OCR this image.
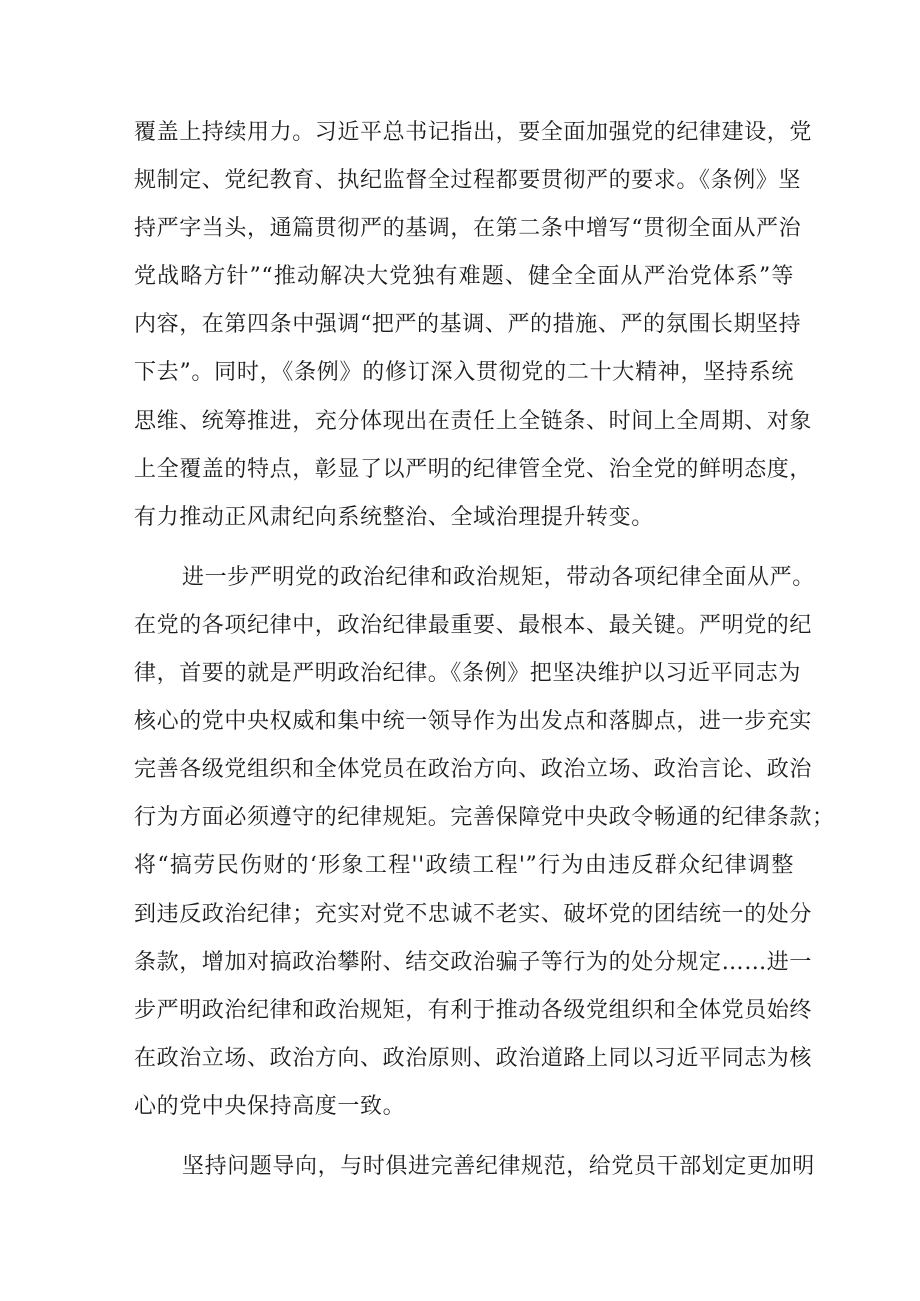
覆盖上持续用力。习近平总书记指出，要全面加强党的纪律建设，党
规制定、党纪教育、执纪监督全过程都要贯彻严的要求。《条例》坚
持严字当头，通篇贯彻严的基调，在第二条中增写“贯彻全面从严治
党战略方针”“推动解决大党独有难题、健全全面从严治党体系”等
内容，在第四条中强调“把严的基调、严的措施、严的氛围长期坚持
下去”。同时，《条例》的修订深入贯彻党的二十大精神，坚持系统
思维、统筹推进，充分体现出在责任上全链条、时间上全周期、对象
上全覆盖的特点，彰显了以严明的纪律管全党、治全党的鲜明态度，
有力推动正风肃纪向系统整治、全域治理提升转变。
进一步严明党的政治纪律和政治规矩，带动各项纪律全面从严。
在党的各项纪律中，政治纪律最重要、最根本、最关键。严明党的纪
律，首要的就是严明政治纪律。《条例》把坚决维护以习近平同志为
核心的党中央权威和集中统一领导作为出发点和落脚点，进一步充实
完善各级党组织和全体党员在政治方向、政治立场、政治言论、政治
行为方面必须遵守的纪律规矩。完善保障党中央政令畅通的纪律条款；
将“搞劳民伤财的‘形象工程''政绩工程'”行为由违反群众纪律调整
到违反政治纪律；充实对党不忠诚不老实、破坏党的团结统一的处分
条款，增加对搞政治攀附、结交政治骗子等行为的处分规定……进一
步严明政治纪律和政治规矩，有利于推动各级党组织和全体党员始终
在政治立场、政治方向、政治原则、政治道路上同以习近平同志为核
心的党中央保持高度一致。
坚持问题导向，与时俱进完善纪律规范，给党员干部划定更加明
